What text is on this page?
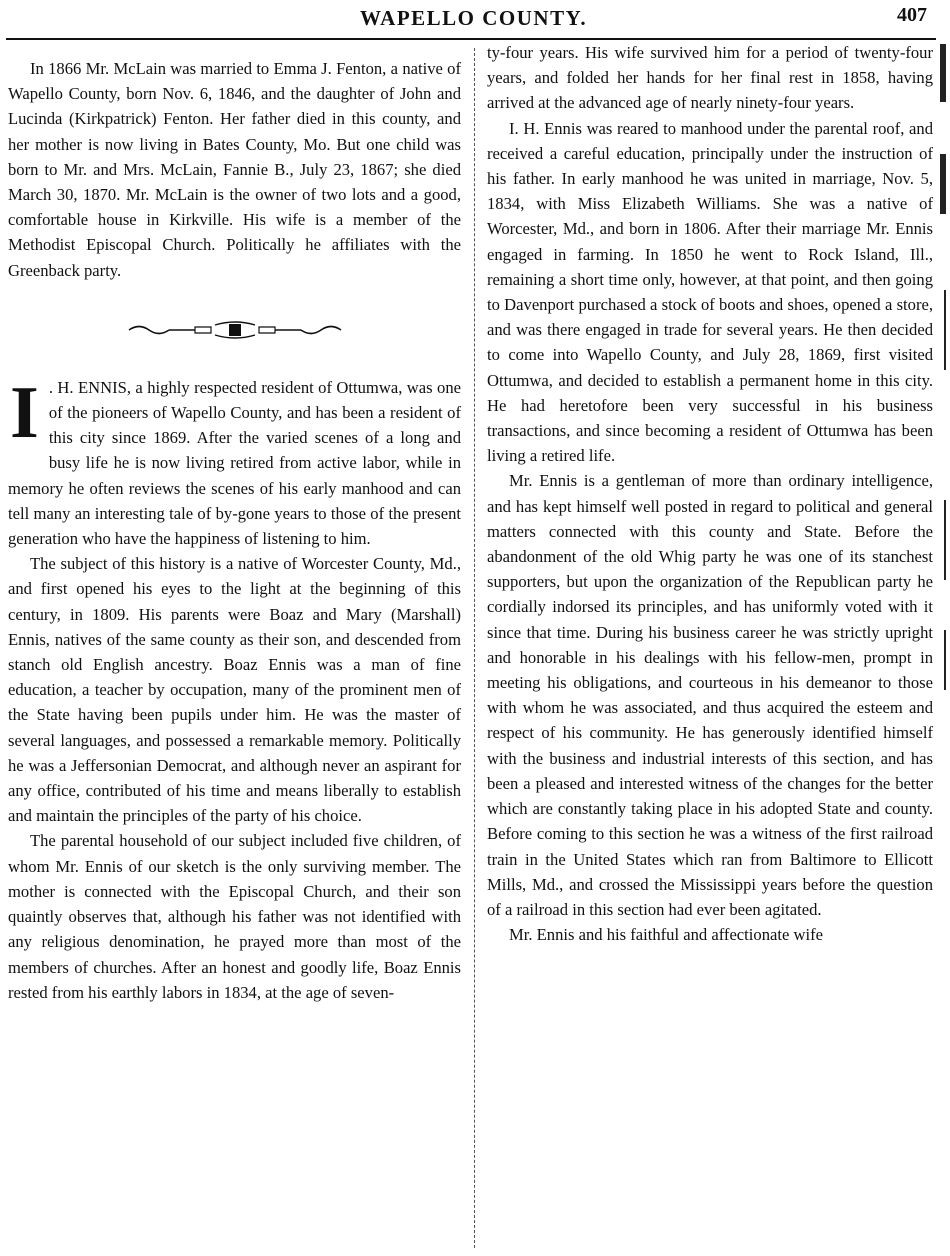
WAPELLO COUNTY.	407

In 1866 Mr. McLain was married to Emma J. Fenton, a native of Wapello County, born Nov. 6, 1846, and the daughter of John and Lucinda (Kirkpatrick) Fenton. Her father died in this county, and her mother is now living in Bates County, Mo. But one child was born to Mr. and Mrs. McLain, Fannie B., July 23, 1867; she died March 30, 1870. Mr. McLain is the owner of two lots and a good, comfortable house in Kirkville. His wife is a member of the Methodist Episcopal Church. Politically he affiliates with the Greenback party.

I . H. ENNIS, a highly respected resident of Ottumwa, was one of the pioneers of Wapello County, and has been a resident of this city since 1869. After the varied scenes of a long and busy life he is now living retired from active labor, while in memory he often reviews the scenes of his early manhood and can tell many an interesting tale of by-gone years to those of the present generation who have the happiness of listening to him.

The subject of this history is a native of Worcester County, Md., and first opened his eyes to the light at the beginning of this century, in 1809. His parents were Boaz and Mary (Marshall) Ennis, natives of the same county as their son, and descended from stanch old English ancestry. Boaz Ennis was a man of fine education, a teacher by occupation, many of the prominent men of the State having been pupils under him. He was the master of several languages, and possessed a remarkable memory. Politically he was a Jeffersonian Democrat, and although never an aspirant for any office, contributed of his time and means liberally to establish and maintain the principles of the party of his choice.

The parental household of our subject included five children, of whom Mr. Ennis of our sketch is the only surviving member. The mother is connected with the Episcopal Church, and their son quaintly observes that, although his father was not identified with any religious denomination, he prayed more than most of the members of churches. After an honest and goodly life, Boaz Ennis rested from his earthly labors in 1834, at the age of seven-

ty-four years. His wife survived him for a period of twenty-four years, and folded her hands for her final rest in 1858, having arrived at the advanced age of nearly ninety-four years.

I. H. Ennis was reared to manhood under the parental roof, and received a careful education, principally under the instruction of his father. In early manhood he was united in marriage, Nov. 5, 1834, with Miss Elizabeth Williams. She was a native of Worcester, Md., and born in 1806. After their marriage Mr. Ennis engaged in farming. In 1850 he went to Rock Island, Ill., remaining a short time only, however, at that point, and then going to Davenport purchased a stock of boots and shoes, opened a store, and was there engaged in trade for several years. He then decided to come into Wapello County, and July 28, 1869, first visited Ottumwa, and decided to establish a permanent home in this city. He had heretofore been very successful in his business transactions, and since becoming a resident of Ottumwa has been living a retired life.

Mr. Ennis is a gentleman of more than ordinary intelligence, and has kept himself well posted in regard to political and general matters connected with this county and State. Before the abandonment of the old Whig party he was one of its stanchest supporters, but upon the organization of the Republican party he cordially indorsed its principles, and has uniformly voted with it since that time. During his business career he was strictly upright and honorable in his dealings with his fellow-men, prompt in meeting his obligations, and courteous in his demeanor to those with whom he was associated, and thus acquired the esteem and respect of his community. He has generously identified himself with the business and industrial interests of this section, and has been a pleased and interested witness of the changes for the better which are constantly taking place in his adopted State and county. Before coming to this section he was a witness of the first railroad train in the United States which ran from Baltimore to Ellicott Mills, Md., and crossed the Mississippi years before the question of a railroad in this section had ever been agitated.

Mr. Ennis and his faithful and affectionate wife
